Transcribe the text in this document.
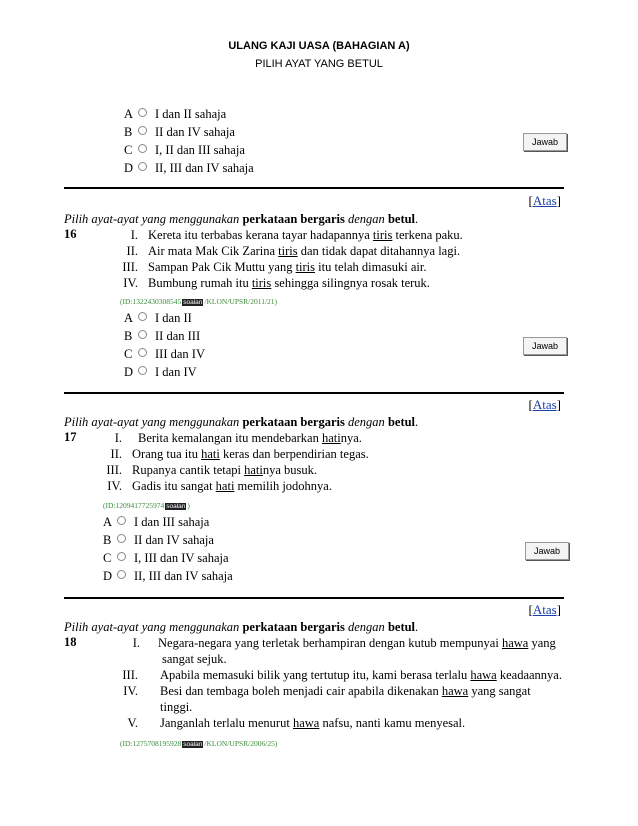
ULANG KAJI UASA (BAHAGIAN A)
PILIH AYAT YANG BETUL
A I dan II sahaja
B II dan IV sahaja
C I, II dan III sahaja
D II, III dan IV sahaja
Jawab
[Atas]
Pilih ayat-ayat yang menggunakan perkataan bergaris dengan betul.
16	I. Kereta itu terbabas kerana tayar hadapannya tiris terkena paku.
II. Air mata Mak Cik Zarina tiris dan tidak dapat ditahannya lagi.
III. Sampan Pak Cik Muttu yang tiris itu telah dimasuki air.
IV. Bumbung rumah itu tiris sehingga silingnya rosak teruk.
(ID:1322430308545 soalan /KLON/UPSR/2011/21)
A I dan II
B II dan III
C III dan IV
D I dan IV
Jawab
[Atas]
Pilih ayat-ayat yang menggunakan perkataan bergaris dengan betul.
17	I. Berita kemalangan itu mendebarkan hatinya.
II. Orang tua itu hati keras dan berpendirian tegas.
III. Rupanya cantik tetapi hatinya busuk.
IV. Gadis itu sangat hati memilih jodohnya.
(ID:1209417725974 soalan )
A I dan III sahaja
B II dan IV sahaja
C I, III dan IV sahaja
D II, III dan IV sahaja
Jawab
[Atas]
Pilih ayat-ayat yang menggunakan perkataan bergaris dengan betul.
18	I. Negara-negara yang terletak berhampiran dengan kutub mempunyai hawa yang
sangat sejuk.
III. Apabila memasuki bilik yang tertutup itu, kami berasa terlalu hawa keadaannya.
IV. Besi dan tembaga boleh menjadi cair apabila dikenakan hawa yang sangat
tinggi.
V. Janganlah terlalu menurut hawa nafsu, nanti kamu menyesal.
(ID:1275708195928 soalan /KLON/UPSR/2006/25)
